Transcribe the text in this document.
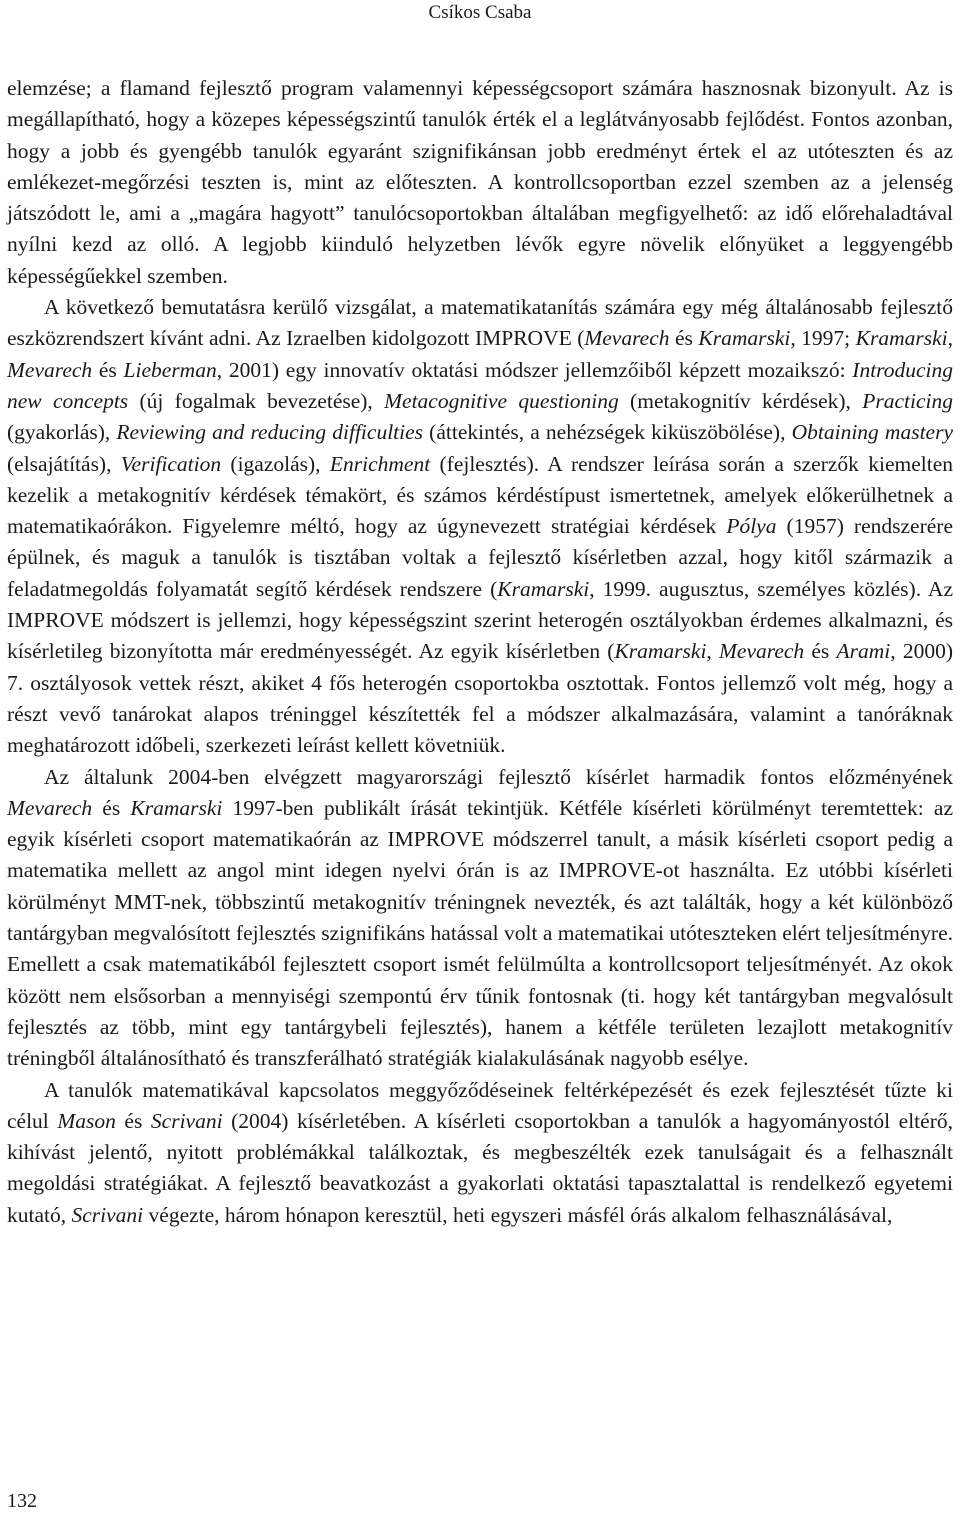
Csíkos Csaba

elemzése; a flamand fejlesztő program valamennyi képességcsoport számára hasznosnak bizonyult. Az is megállapítható, hogy a közepes képességszintű tanulók érték el a leglátványosabb fejlődést. Fontos azonban, hogy a jobb és gyengébb tanulók egyaránt szignifikánsan jobb eredményt értek el az utóteszten és az emlékezet-megőrzési teszten is, mint az előteszten. A kontrollcsoportban ezzel szemben az a jelenség játszódott le, ami a „magára hagyott” tanulócsoportokban általában megfigyelhető: az idő előrehaladtával nyílni kezd az olló. A legjobb kiinduló helyzetben lévők egyre növelik előnyüket a leggyengébb képességűekkel szemben.

A következő bemutatásra kerülő vizsgálat, a matematikatanítás számára egy még általánosabb fejlesztő eszközrendszert kívánt adni. Az Izraelben kidolgozott IMPROVE (Mevarech és Kramarski, 1997; Kramarski, Mevarech és Lieberman, 2001) egy innovatív oktatási módszer jellemzőiből képzett mozaikszó: Introducing new concepts (új fogalmak bevezetése), Metacognitive questioning (metakognitív kérdések), Practicing (gyakorlás), Reviewing and reducing difficulties (áttekintés, a nehézségek kiküszöbölése), Obtaining mastery (elsajátítás), Verification (igazolás), Enrichment (fejlesztés). A rendszer leírása során a szerzők kiemelten kezelik a metakognitív kérdések témakört, és számos kérdéstípust ismertetnek, amelyek előkerülhetnek a matematikaórákon. Figyelemre méltó, hogy az úgynevezett stratégiai kérdések Pólya (1957) rendszerére épülnek, és maguk a tanulók is tisztában voltak a fejlesztő kísérletben azzal, hogy kitől származik a feladatmegoldás folyamatát segítő kérdések rendszere (Kramarski, 1999. augusztus, személyes közlés). Az IMPROVE módszert is jellemzi, hogy képességszint szerint heterogén osztályokban érdemes alkalmazni, és kísérletileg bizonyította már eredményességét. Az egyik kísérletben (Kramarski, Mevarech és Arami, 2000) 7. osztályosok vettek részt, akiket 4 fős heterogén csoportokba osztottak. Fontos jellemző volt még, hogy a részt vevő tanárokat alapos tréninggel készítették fel a módszer alkalmazására, valamint a tanóráknak meghatározott időbeli, szerkezeti leírást kellett követniük.

Az általunk 2004-ben elvégzett magyarországi fejlesztő kísérlet harmadik fontos előzményének Mevarech és Kramarski 1997-ben publikált írását tekintjük. Kétféle kísérleti körülményt teremtettek: az egyik kísérleti csoport matematikaórán az IMPROVE módszerrel tanult, a másik kísérleti csoport pedig a matematika mellett az angol mint idegen nyelvi órán is az IMPROVE-ot használta. Ez utóbbi kísérleti körülményt MMT-nek, többszintű metakognitív tréningnek nevezték, és azt találták, hogy a két különböző tantárgyban megvalósított fejlesztés szignifikáns hatással volt a matematikai utóteszteken elért teljesítményre. Emellett a csak matematikából fejlesztett csoport ismét felülmúlta a kontrollcsoport teljesítményét. Az okok között nem elsősorban a mennyiségi szempontú érv tűnik fontosnak (ti. hogy két tantárgyban megvalósult fejlesztés az több, mint egy tantárgybeli fejlesztés), hanem a kétféle területen lezajlott metakognitív tréningből általánosítható és transzferálható stratégiák kialakulásának nagyobb esélye.

A tanulók matematikával kapcsolatos meggyőződéseinek feltérképezését és ezek fejlesztését tűzte ki célul Mason és Scrivani (2004) kísérletében. A kísérleti csoportokban a tanulók a hagyományostól eltérő, kihívást jelentő, nyitott problémákkal találkoztak, és megbeszélték ezek tanulságait és a felhasznált megoldási stratégiákat. A fejlesztő beavatkozást a gyakorlati oktatási tapasztalattal is rendelkező egyetemi kutató, Scrivani végezte, három hónapon keresztül, heti egyszeri másfél órás alkalom felhasználásával,

132
